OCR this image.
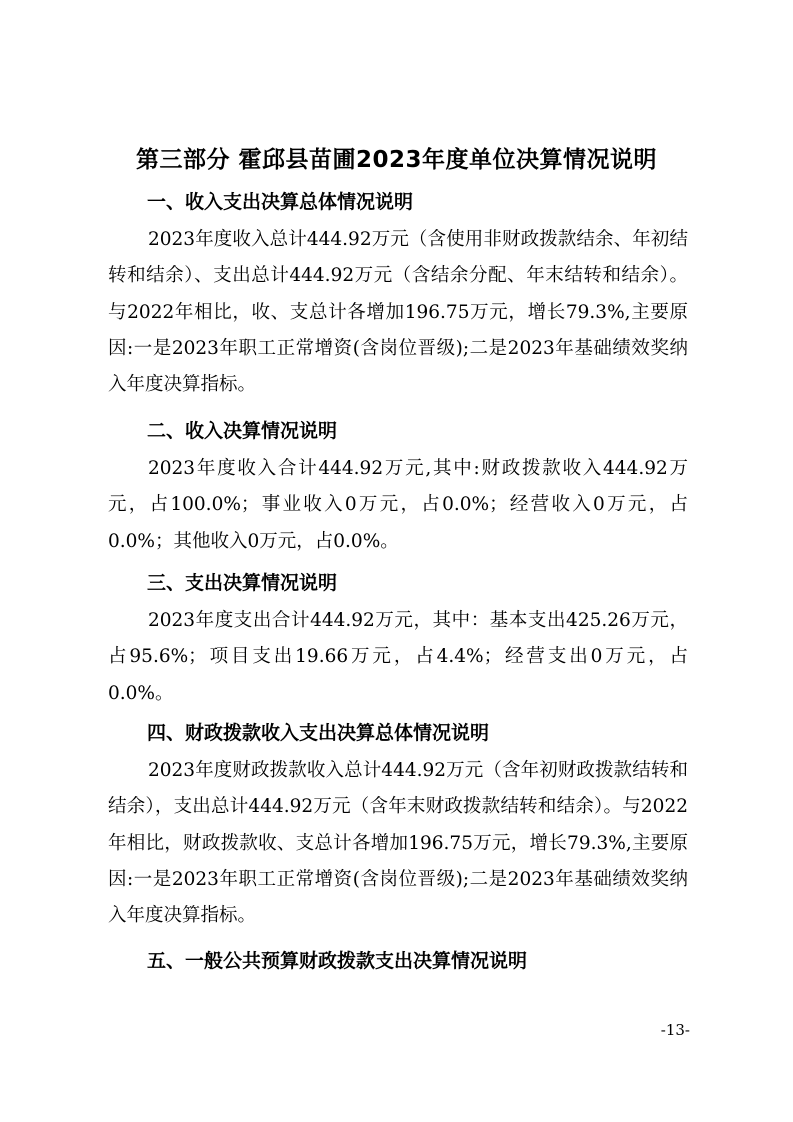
第三部分 霍邱县苗圃2023年度单位决算情况说明
一、收入支出决算总体情况说明

2023年度收入总计444.92万元（含使用非财政拨款结余、年初结转和结余）、支出总计444.92万元（含结余分配、年末结转和结余）。与2022年相比，收、支总计各增加196.75万元，增长79.3%,主要原因:一是2023年职工正常增资(含岗位晋级);二是2023年基础绩效奖纳入年度决算指标。

二、收入决算情况说明

2023年度收入合计444.92万元,其中:财政拨款收入444.92万元，占100.0%；事业收入0万元，占0.0%；经营收入0万元，占0.0%；其他收入0万元，占0.0%。

三、支出决算情况说明

2023年度支出合计444.92万元，其中：基本支出425.26万元，占95.6%；项目支出19.66万元，占4.4%；经营支出0万元，占0.0%。

四、财政拨款收入支出决算总体情况说明

2023年度财政拨款收入总计444.92万元（含年初财政拨款结转和结余），支出总计444.92万元（含年末财政拨款结转和结余）。与2022年相比，财政拨款收、支总计各增加196.75万元，增长79.3%,主要原因:一是2023年职工正常增资(含岗位晋级);二是2023年基础绩效奖纳入年度决算指标。

五、一般公共预算财政拨款支出决算情况说明
-13-
